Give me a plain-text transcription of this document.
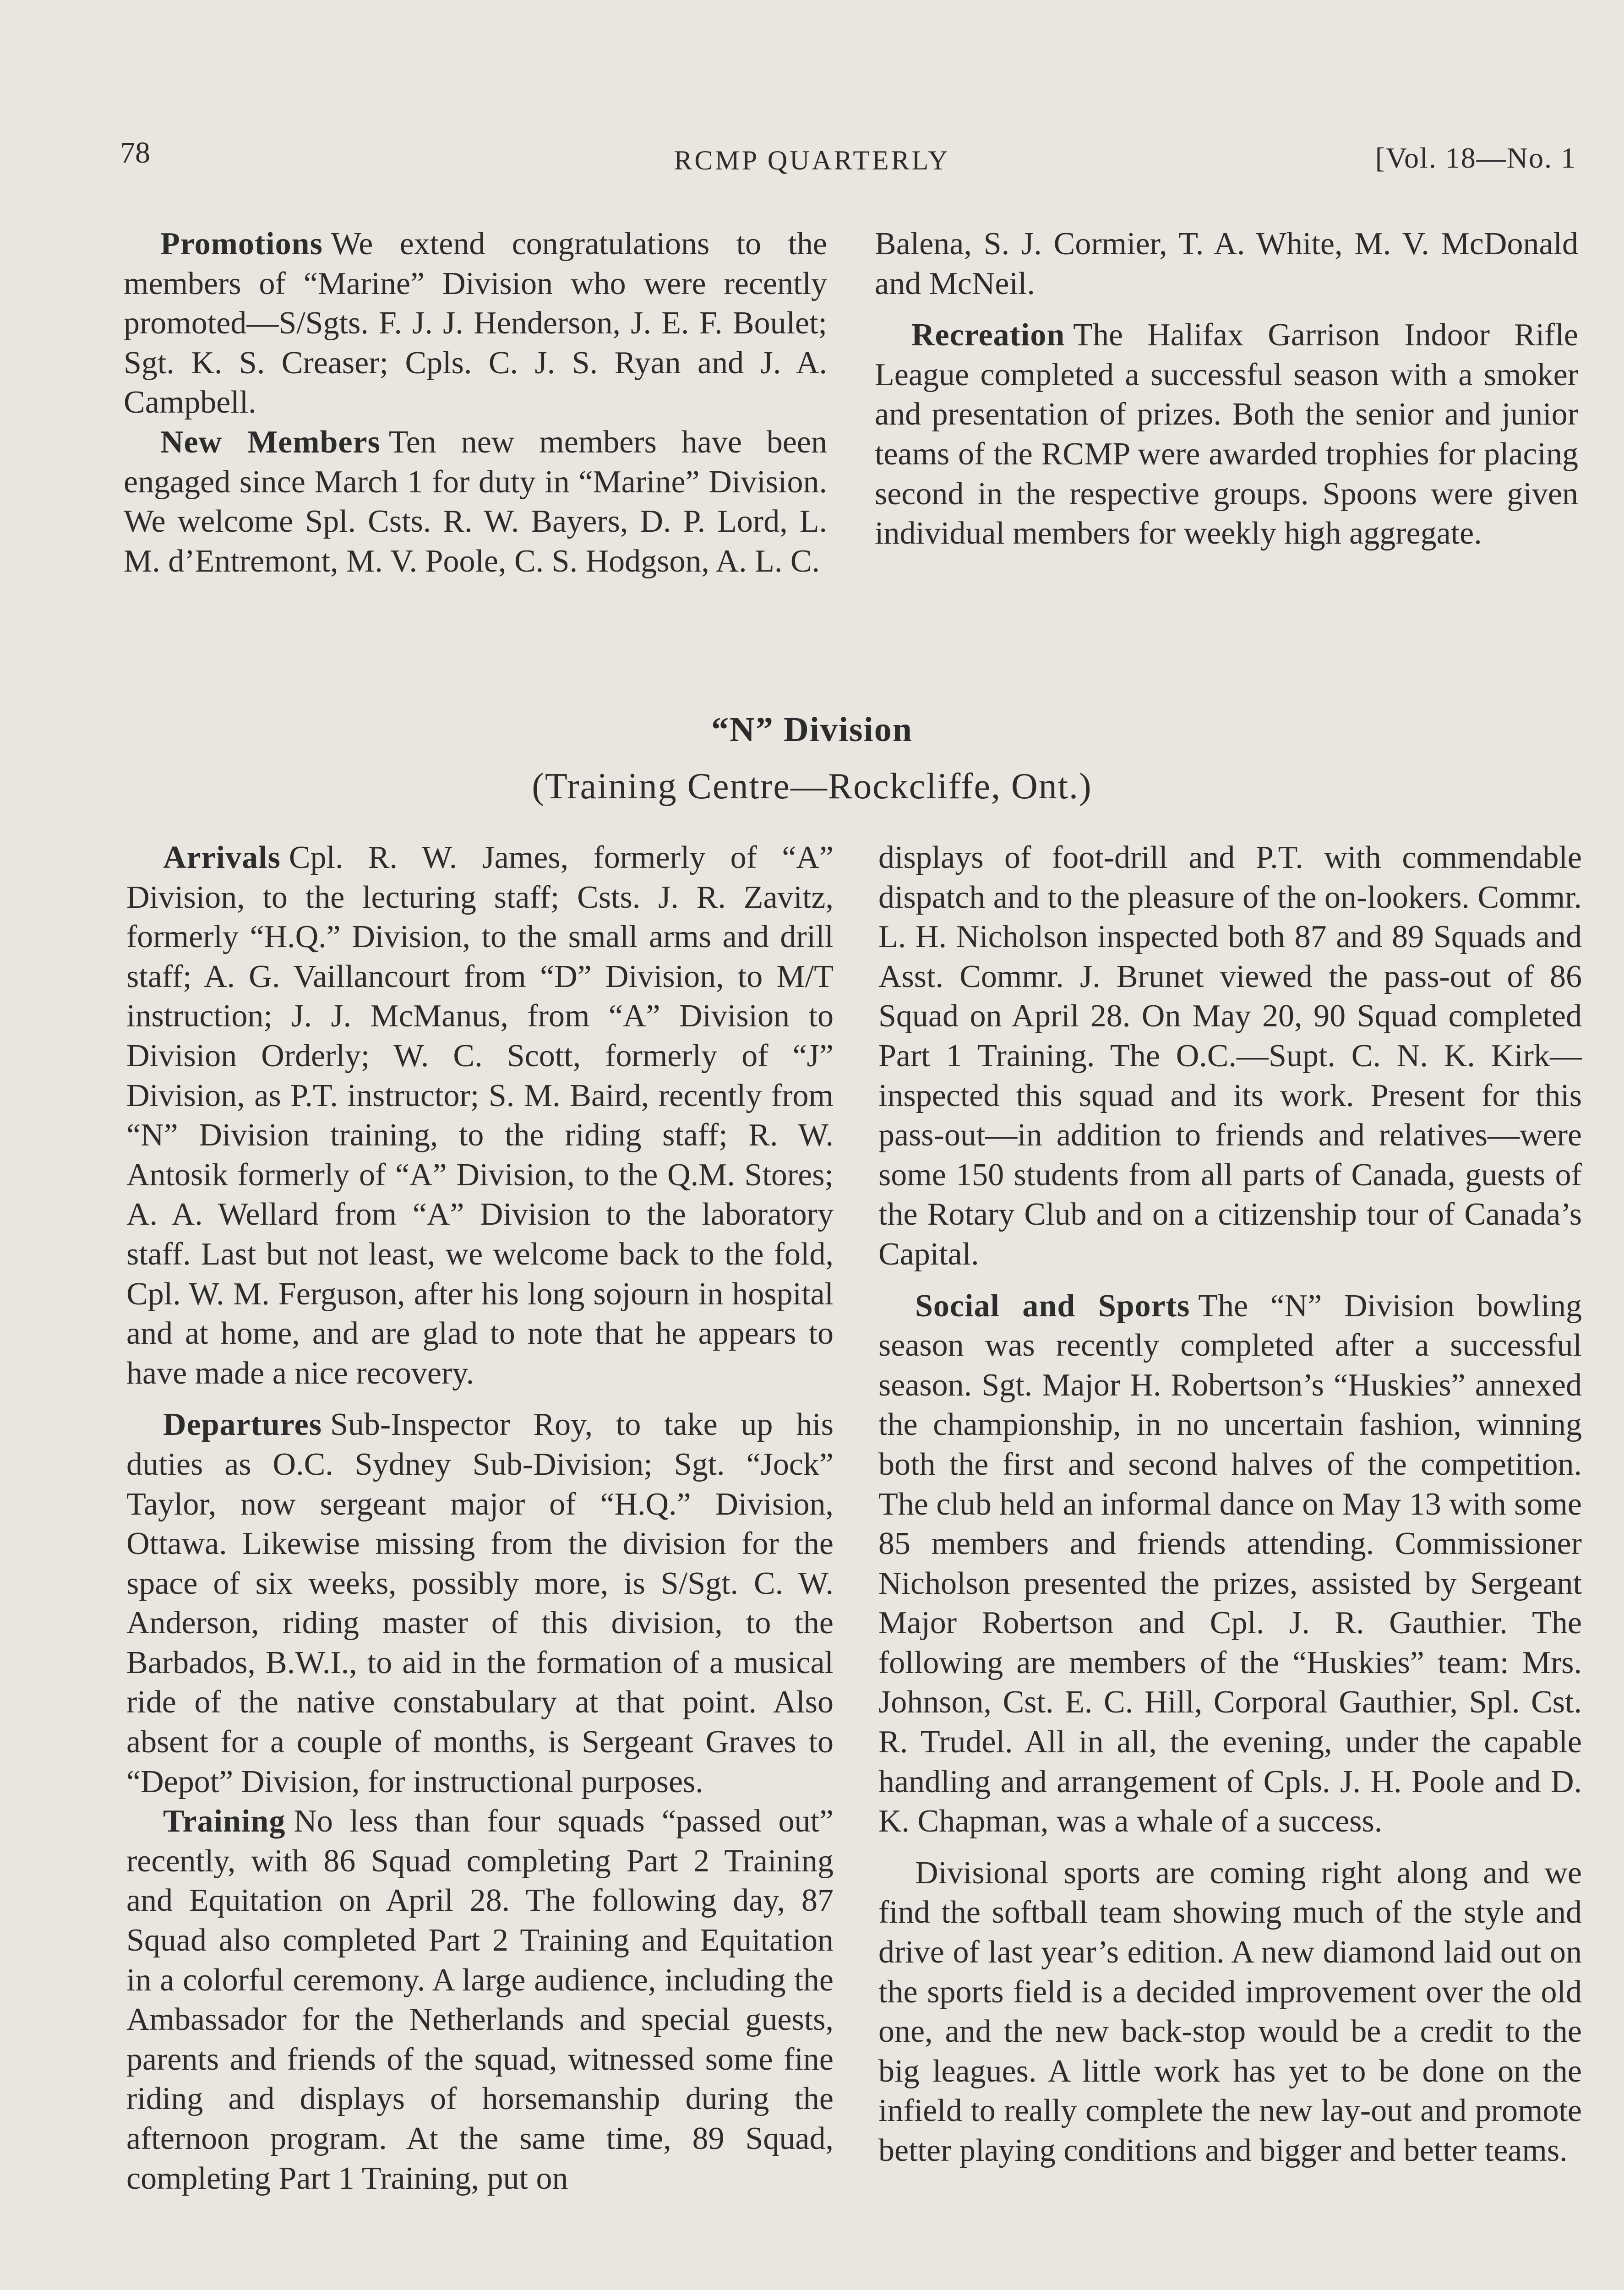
78	RCMP QUARTERLY	[Vol. 18—No. 1

Promotions We extend congratulations to the members of “Marine” Division who were recently promoted—S/Sgts. F. J. J. Henderson, J. E. F. Boulet; Sgt. K. S. Creaser; Cpls. C. J. S. Ryan and J. A. Campbell.

New Members Ten new members have been engaged since March 1 for duty in “Marine” Division. We welcome Spl. Csts. R. W. Bayers, D. P. Lord, L. M. d’Entremont, M. V. Poole, C. S. Hodgson, A. L. C.

Balena, S. J. Cormier, T. A. White, M. V. McDonald and McNeil.

Recreation The Halifax Garrison Indoor Rifle League completed a successful season with a smoker and presentation of prizes. Both the senior and junior teams of the RCMP were awarded trophies for placing second in the respective groups. Spoons were given individual members for weekly high aggregate.

“N” Division
(Training Centre—Rockcliffe, Ont.)

Arrivals Cpl. R. W. James, formerly of “A” Division, to the lecturing staff; Csts. J. R. Zavitz, formerly “H.Q.” Division, to the small arms and drill staff; A. G. Vaillancourt from “D” Division, to M/T instruction; J. J. McManus, from “A” Division to Division Orderly; W. C. Scott, formerly of “J” Division, as P.T. instructor; S. M. Baird, recently from “N” Division training, to the riding staff; R. W. Antosik formerly of “A” Division, to the Q.M. Stores; A. A. Wellard from “A” Division to the laboratory staff. Last but not least, we welcome back to the fold, Cpl. W. M. Ferguson, after his long sojourn in hospital and at home, and are glad to note that he appears to have made a nice recovery.

Departures Sub-Inspector Roy, to take up his duties as O.C. Sydney Sub-Division; Sgt. “Jock” Taylor, now sergeant major of “H.Q.” Division, Ottawa. Likewise missing from the division for the space of six weeks, possibly more, is S/Sgt. C. W. Anderson, riding master of this division, to the Barbados, B.W.I., to aid in the formation of a musical ride of the native constabulary at that point. Also absent for a couple of months, is Sergeant Graves to “Depot” Division, for instructional purposes.

Training No less than four squads “passed out” recently, with 86 Squad completing Part 2 Training and Equitation on April 28. The following day, 87 Squad also completed Part 2 Training and Equitation in a colorful ceremony. A large audience, including the Ambassador for the Netherlands and special guests, parents and friends of the squad, witnessed some fine riding and displays of horsemanship during the afternoon program. At the same time, 89 Squad, completing Part 1 Training, put on

displays of foot-drill and P.T. with commendable dispatch and to the pleasure of the on-lookers. Commr. L. H. Nicholson inspected both 87 and 89 Squads and Asst. Commr. J. Brunet viewed the pass-out of 86 Squad on April 28. On May 20, 90 Squad completed Part 1 Training. The O.C.—Supt. C. N. K. Kirk—inspected this squad and its work. Present for this pass-out—in addition to friends and relatives—were some 150 students from all parts of Canada, guests of the Rotary Club and on a citizenship tour of Canada’s Capital.

Social and Sports The “N” Division bowling season was recently completed after a successful season. Sgt. Major H. Robertson’s “Huskies” annexed the championship, in no uncertain fashion, winning both the first and second halves of the competition. The club held an informal dance on May 13 with some 85 members and friends attending. Commissioner Nicholson presented the prizes, assisted by Sergeant Major Robertson and Cpl. J. R. Gauthier. The following are members of the “Huskies” team: Mrs. Johnson, Cst. E. C. Hill, Corporal Gauthier, Spl. Cst. R. Trudel. All in all, the evening, under the capable handling and arrangement of Cpls. J. H. Poole and D. K. Chapman, was a whale of a success.

Divisional sports are coming right along and we find the softball team showing much of the style and drive of last year’s edition. A new diamond laid out on the sports field is a decided improvement over the old one, and the new back-stop would be a credit to the big leagues. A little work has yet to be done on the infield to really complete the new lay-out and promote better playing conditions and bigger and better teams.
